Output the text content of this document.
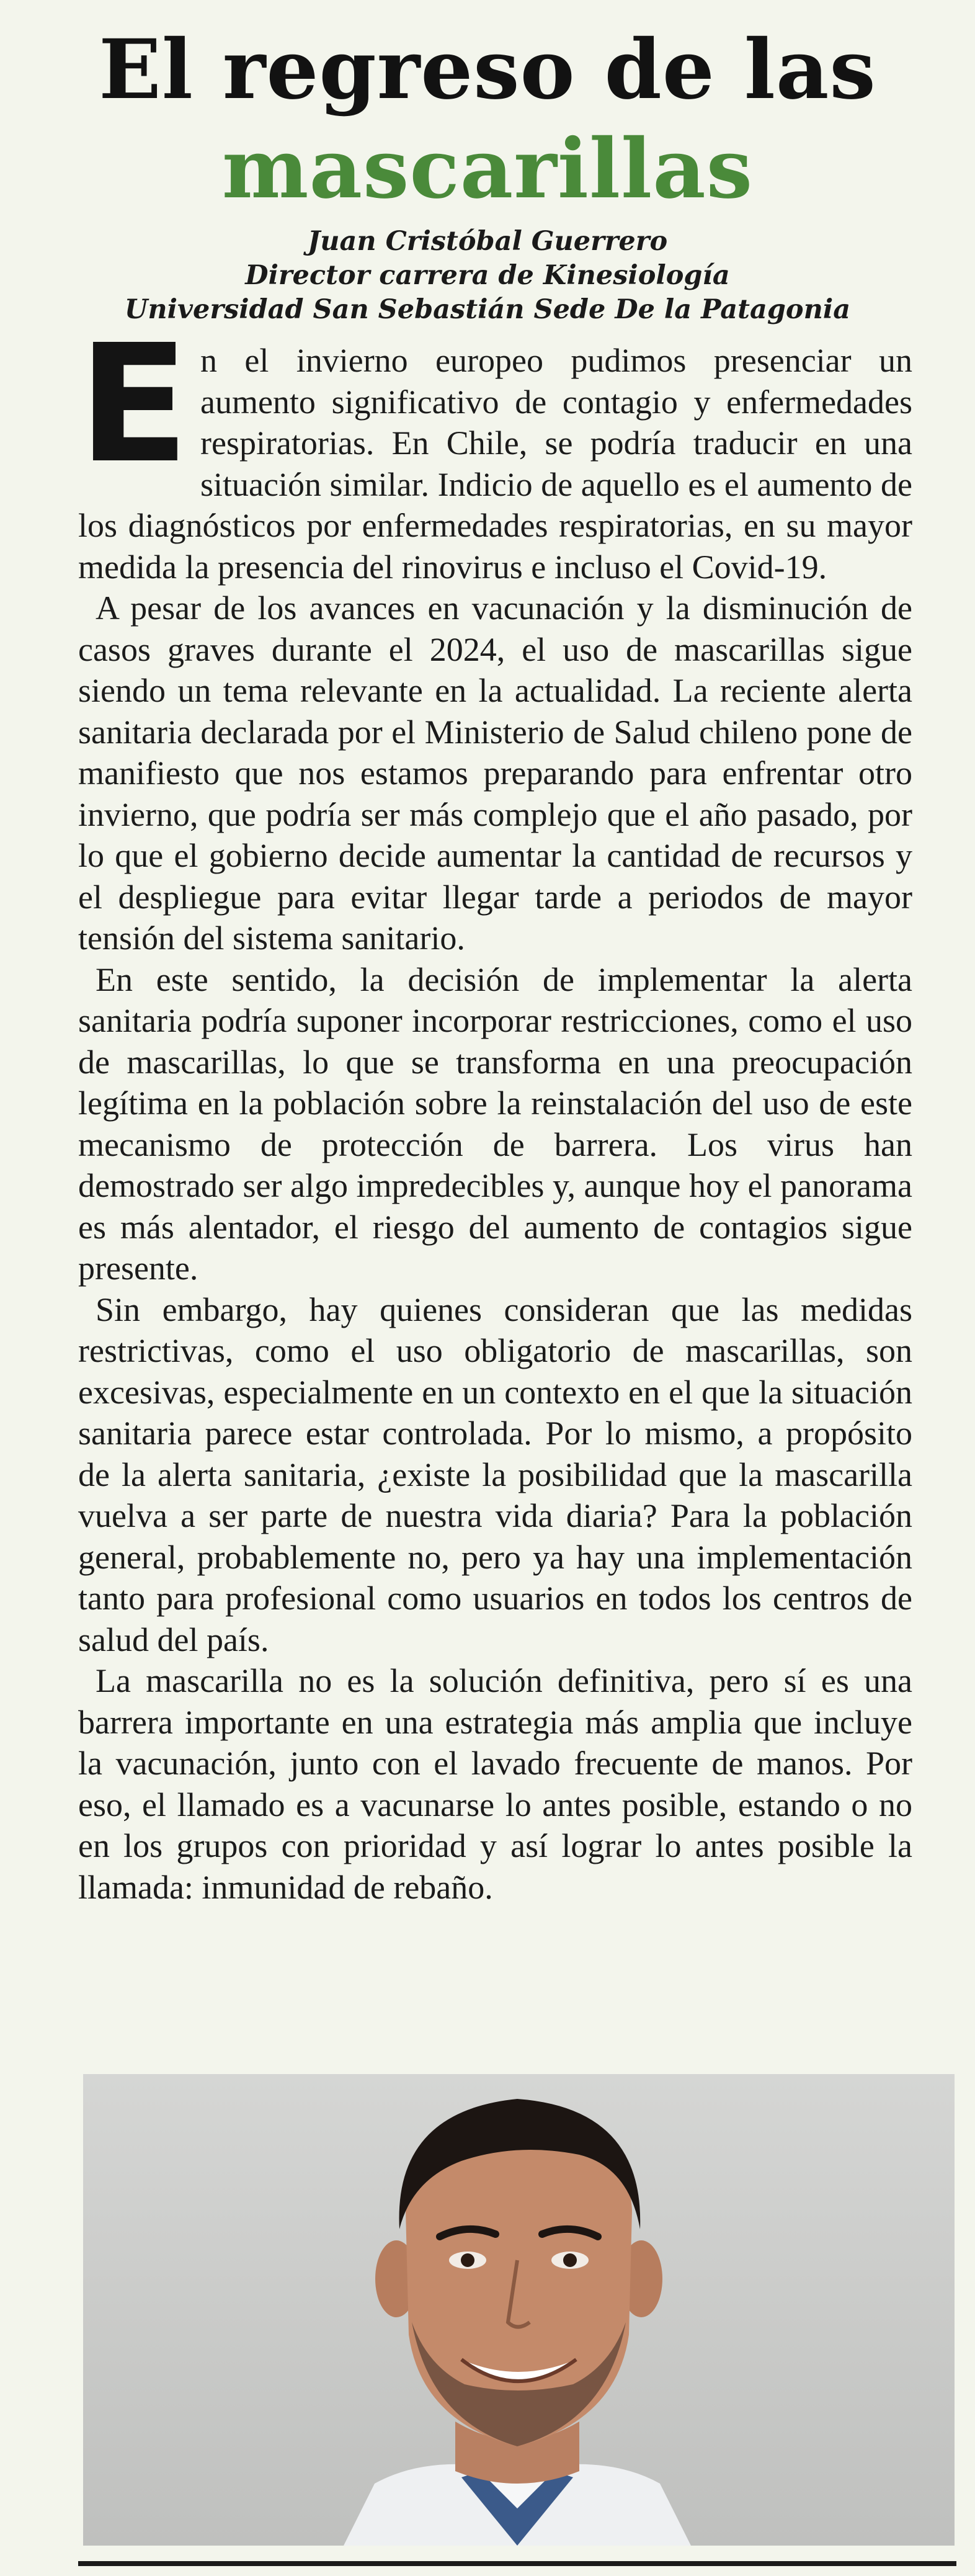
El regreso de las
mascarillas
Juan Cristóbal Guerrero
Director carrera de Kinesiología
Universidad San Sebastián Sede De la Patagonia

En el invierno europeo pudimos presenciar un aumento significativo de contagio y enfermedades respiratorias. En Chile, se podría traducir en una situación similar. Indicio de aquello es el aumento de los diagnósticos por enfermedades respiratorias, en su mayor medida la presencia del rinovirus e incluso el Covid-19.

A pesar de los avances en vacunación y la disminución de casos graves durante el 2024, el uso de mascarillas sigue siendo un tema relevante en la actualidad. La reciente alerta sanitaria declarada por el Ministerio de Salud chileno pone de manifiesto que nos estamos preparando para enfrentar otro invierno, que podría ser más complejo que el año pasado, por lo que el gobierno decide aumentar la cantidad de recursos y el despliegue para evitar llegar tarde a periodos de mayor tensión del sistema sanitario.

En este sentido, la decisión de implementar la alerta sanitaria podría suponer incorporar restricciones, como el uso de mascarillas, lo que se transforma en una preocupación legítima en la población sobre la reinstalación del uso de este mecanismo de protección de barrera. Los virus han demostrado ser algo impredecibles y, aunque hoy el panorama es más alentador, el riesgo del aumento de contagios sigue presente.

Sin embargo, hay quienes consideran que las medidas restrictivas, como el uso obligatorio de mascarillas, son excesivas, especialmente en un contexto en el que la situación sanitaria parece estar controlada. Por lo mismo, a propósito de la alerta sanitaria, ¿existe la posibilidad que la mascarilla vuelva a ser parte de nuestra vida diaria? Para la población general, probablemente no, pero ya hay una implementación tanto para profesional como usuarios en todos los centros de salud del país.

La mascarilla no es la solución definitiva, pero sí es una barrera importante en una estrategia más amplia que incluye la vacunación, junto con el lavado frecuente de manos. Por eso, el llamado es a vacunarse lo antes posible, estando o no en los grupos con prioridad y así lograr lo antes posible la llamada: inmunidad de rebaño.
